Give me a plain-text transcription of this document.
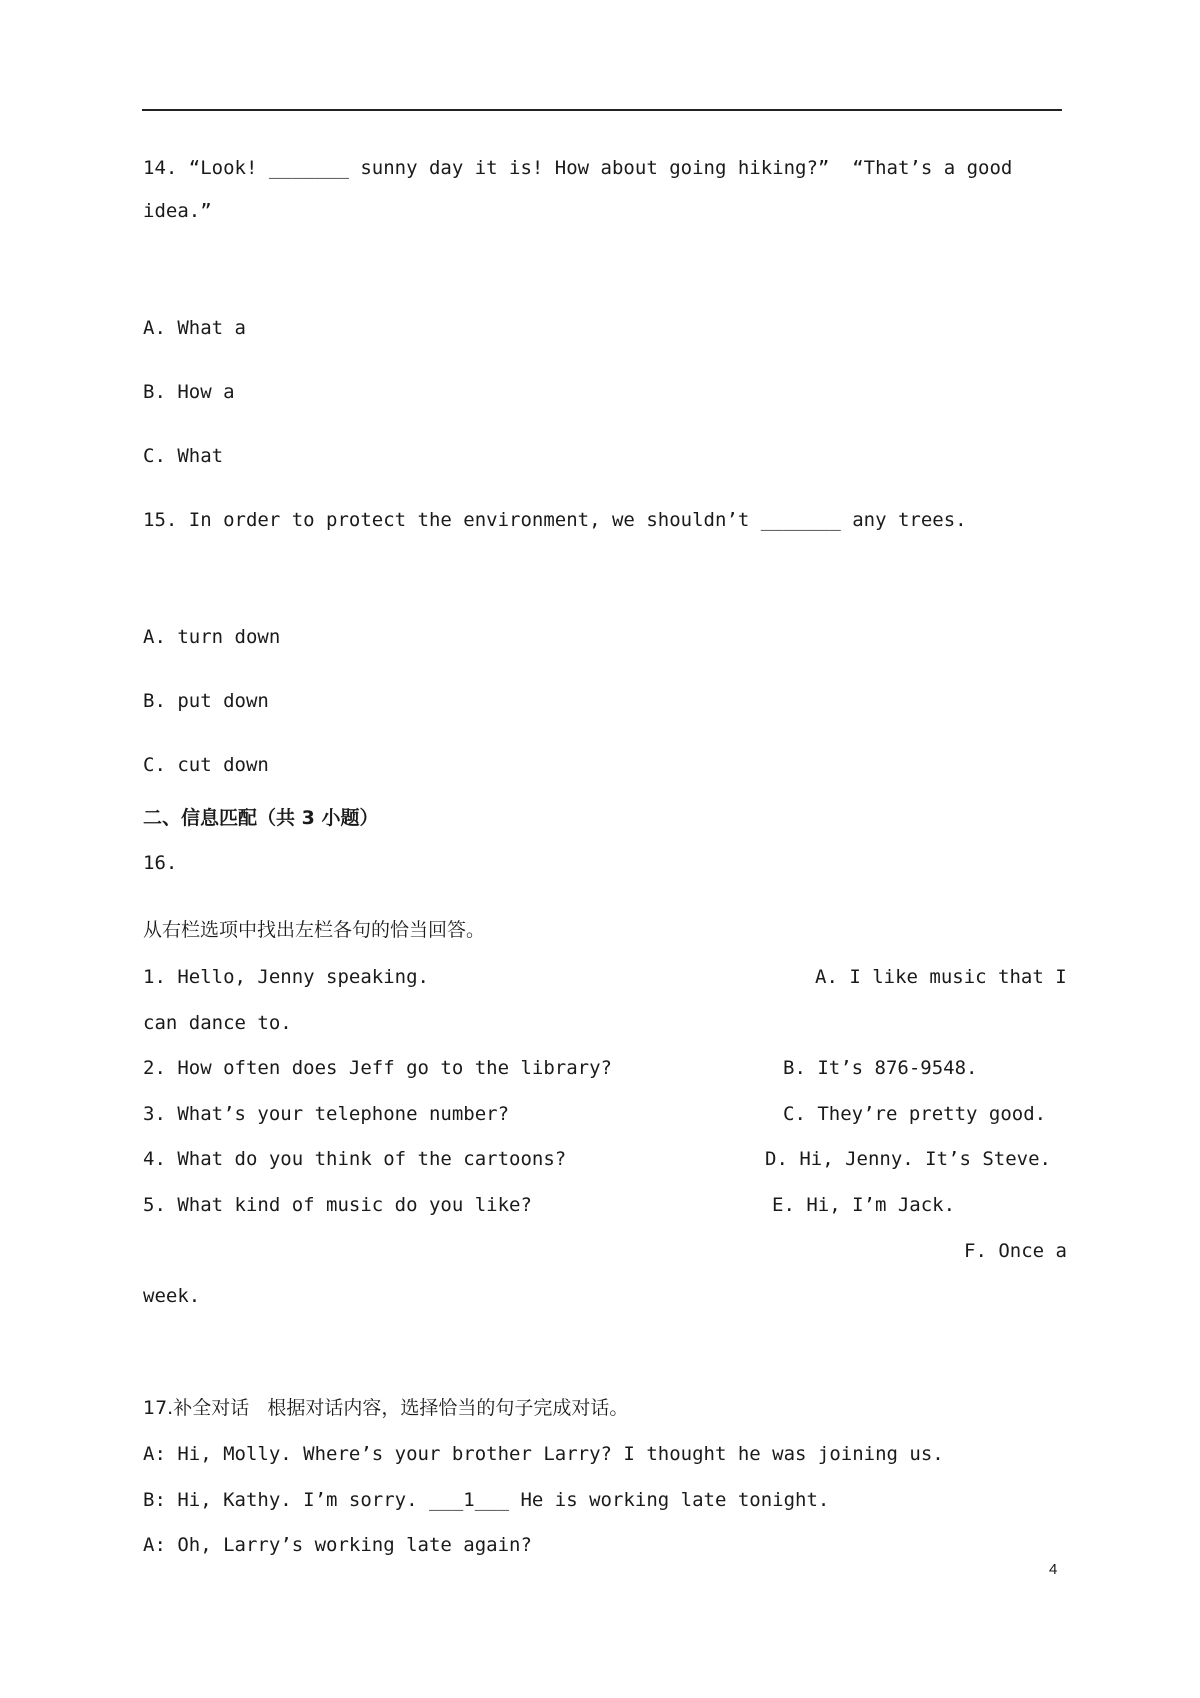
14. “Look! _______ sunny day it is! How about going hiking?”  “That’s a good
idea.”
A. What a
B. How a
C. What
15. In order to protect the environment, we shouldn’t _______ any trees.
A. turn down
B. put down
C. cut down
二、信息匹配（共 3 小题）
16.
从右栏选项中找出左栏各句的恰当回答。
1. Hello, Jenny speaking.	A. I like music that I
can dance to.
2. How often does Jeff go to the library?	B. It’s 876-9548.
3. What’s your telephone number?	C. They’re pretty good.
4. What do you think of the cartoons?	D. Hi, Jenny. It’s Steve.
5. What kind of music do you like?	E. Hi, I’m Jack.
F. Once a
week.
17.补全对话   根据对话内容，选择恰当的句子完成对话。
A: Hi, Molly. Where’s your brother Larry? I thought he was joining us.
B: Hi, Kathy. I’m sorry. ___1___ He is working late tonight.
A: Oh, Larry’s working late again?
4
